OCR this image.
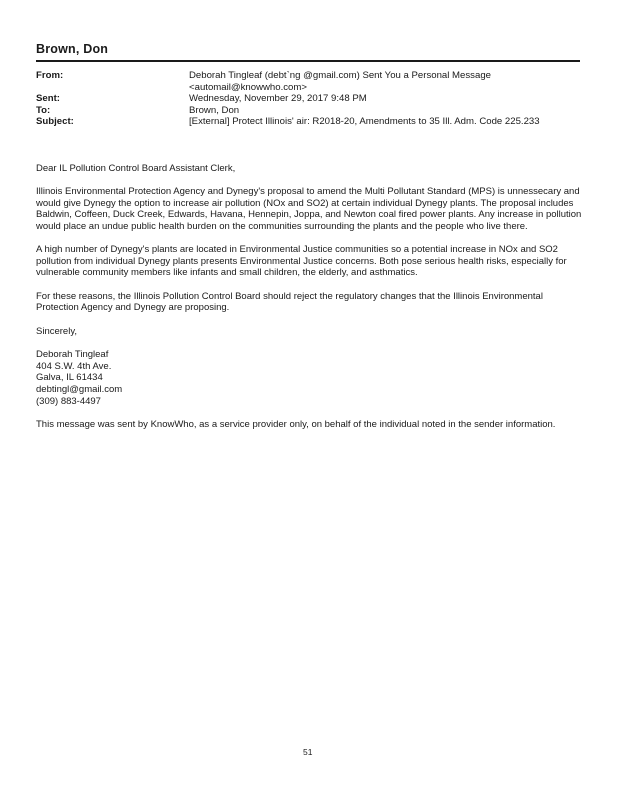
Brown, Don
From:	Deborah Tingleaf (debt`ng @gmail.com) Sent You a Personal Message
<automail@knowwho.com>
Sent:	Wednesday, November 29, 2017 9:48 PM
To:	Brown, Don
Subject:	[External] Protect Illinois' air: R2018-20, Amendments to 35 Ill. Adm. Code 225.233

Dear IL Pollution Control Board Assistant Clerk,

Illinois Environmental Protection Agency and Dynegy's proposal to amend the Multi Pollutant Standard (MPS) is unnessecary and would give Dynegy the option to increase air pollution (NOx and SO2) at certain individual Dynegy plants. The proposal includes Baldwin, Coffeen, Duck Creek, Edwards, Havana, Hennepin, Joppa, and Newton coal fired power plants. Any increase in pollution would place an undue public health burden on the communities surrounding the plants and the people who live there.

A high number of Dynegy's plants are located in Environmental Justice communities so a potential increase in NOx and SO2 pollution from individual Dynegy plants presents Environmental Justice concerns. Both pose serious health risks, especially for vulnerable community members like infants and small children, the elderly, and asthmatics.

For these reasons, the Illinois Pollution Control Board should reject the regulatory changes that the Illinois Environmental Protection Agency and Dynegy are proposing.

Sincerely,

Deborah Tingleaf
404 S.W. 4th Ave.
Galva, IL 61434
debtingl@gmail.com
(309) 883-4497

This message was sent by KnowWho, as a service provider only, on behalf of the individual noted in the sender information.

51
